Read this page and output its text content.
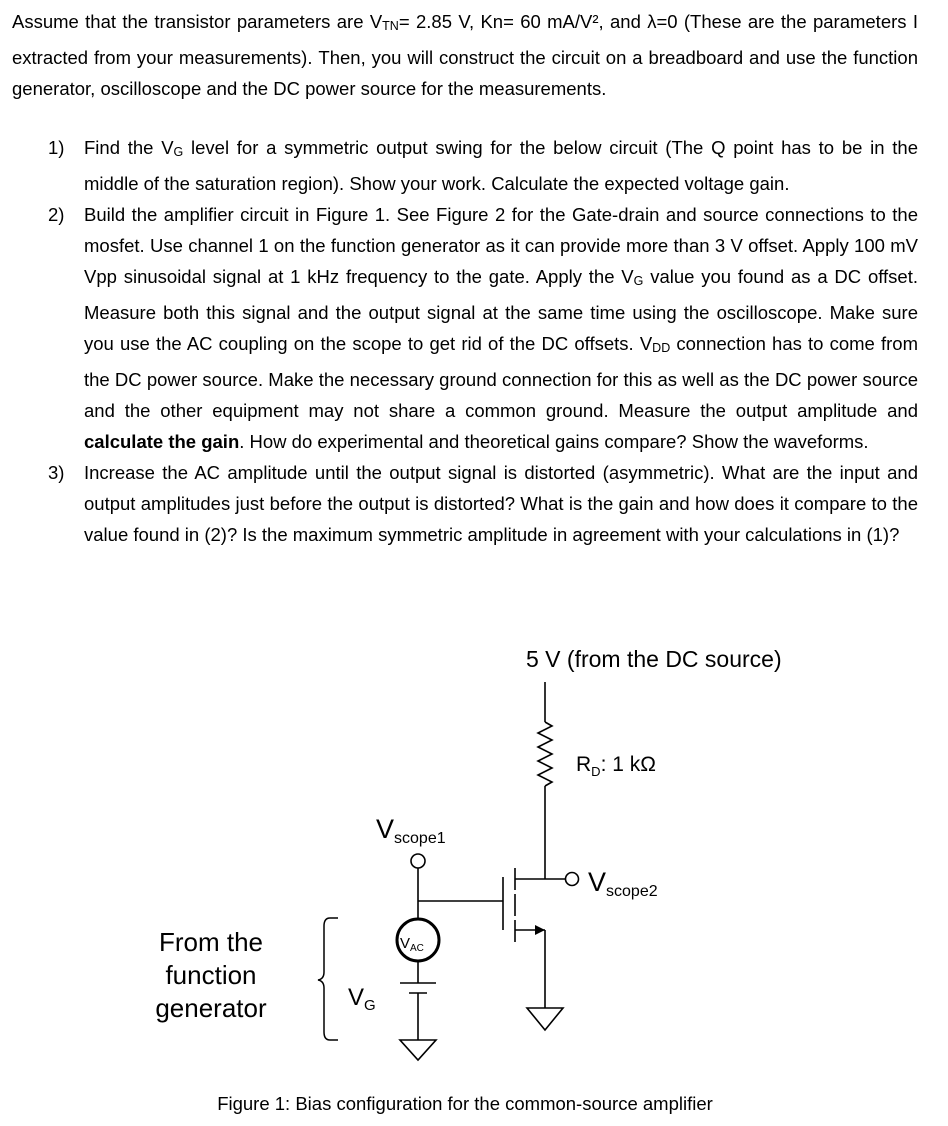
Assume that the transistor parameters are $V_{TN}= 2.85$ V, Kn= 60 mA/V², and λ=0 (These are the parameters I extracted from your measurements). Then, you will construct the circuit on a breadboard and use the function generator, oscilloscope and the DC power source for the measurements.

1) Find the $V_G$ level for a symmetric output swing for the below circuit (The Q point has to be in the middle of the saturation region). Show your work. Calculate the expected voltage gain.
2) Build the amplifier circuit in Figure 1. See Figure 2 for the Gate-drain and source connections to the mosfet. Use channel 1 on the function generator as it can provide more than 3 V offset. Apply 100 mV Vpp sinusoidal signal at 1 kHz frequency to the gate. Apply the $V_G$ value you found as a DC offset. Measure both this signal and the output signal at the same time using the oscilloscope. Make sure you use the AC coupling on the scope to get rid of the DC offsets. $V_{DD}$ connection has to come from the DC power source. Make the necessary ground connection for this as well as the DC power source and the other equipment may not share a common ground. Measure the output amplitude and calculate the gain. How do experimental and theoretical gains compare? Show the waveforms.
3) Increase the AC amplitude until the output signal is distorted (asymmetric). What are the input and output amplitudes just before the output is distorted? What is the gain and how does it compare to the value found in (2)? Is the maximum symmetric amplitude in agreement with your calculations in (1)?
5 V (from the DC source)
$R_D$: 1 kΩ
Vscope2
Vscope1
$V_{AC}$
$V_G$
From the
function
generator
Figure 1: Bias configuration for the common-source amplifier
